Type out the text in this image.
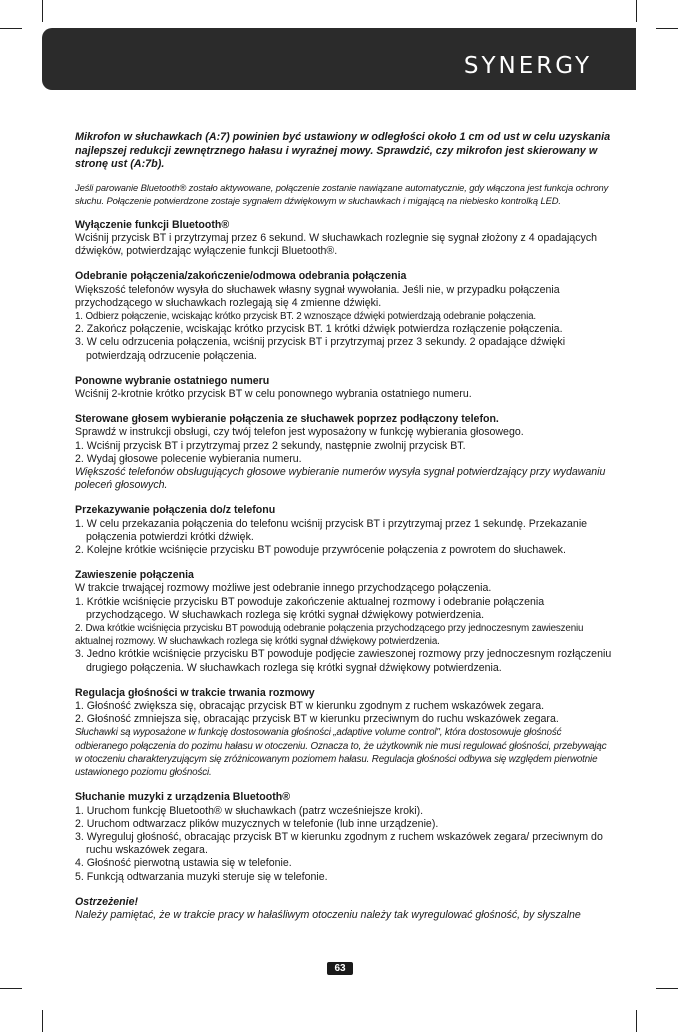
SYNERGY

Mikrofon w słuchawkach (A:7) powinien być ustawiony w odległości około 1 cm od ust w celu uzyskania najlepszej redukcji zewnętrznego hałasu i wyraźnej mowy. Sprawdzić, czy mikrofon jest skierowany w stronę ust (A:7b).

Jeśli parowanie Bluetooth® zostało aktywowane, połączenie zostanie nawiązane automatycznie, gdy włączona jest funkcja ochrony słuchu. Połączenie potwierdzone zostaje sygnałem dźwiękowym w słuchawkach i migającą na niebiesko kontrolką LED.

Wyłączenie funkcji Bluetooth®

Wciśnij przycisk BT i przytrzymaj przez 6 sekund. W słuchawkach rozlegnie się sygnał złożony z 4 opadających dźwięków, potwierdzając wyłączenie funkcji Bluetooth®.

Odebranie połączenia/zakończenie/odmowa odebrania połączenia

Większość telefonów wysyła do słuchawek własny sygnał wywołania. Jeśli nie, w przypadku połączenia przychodzącego w słuchawkach rozlegają się 4 zmienne dźwięki.

1. Odbierz połączenie, wciskając krótko przycisk BT. 2 wznoszące dźwięki potwierdzają odebranie połączenia.

2. Zakończ połączenie, wciskając krótko przycisk BT. 1 krótki dźwięk potwierdza rozłączenie połączenia.

3. W celu odrzucenia połączenia, wciśnij przycisk BT i przytrzymaj przez 3 sekundy. 2 opadające dźwięki potwierdzają odrzucenie połączenia.

Ponowne wybranie ostatniego numeru

Wciśnij 2-krotnie krótko przycisk BT w celu ponownego wybrania ostatniego numeru.

Sterowane głosem wybieranie połączenia ze słuchawek poprzez podłączony telefon.

Sprawdź w instrukcji obsługi, czy twój telefon jest wyposażony w funkcję wybierania głosowego.

1. Wciśnij przycisk BT i przytrzymaj przez 2 sekundy, następnie zwolnij przycisk BT.

2. Wydaj głosowe polecenie wybierania numeru.

Większość telefonów obsługujących głosowe wybieranie numerów wysyła sygnał potwierdzający przy wydawaniu poleceń głosowych.

Przekazywanie połączenia do/z telefonu

1. W celu przekazania połączenia do telefonu wciśnij przycisk BT i przytrzymaj przez 1 sekundę. Przekazanie połączenia potwierdzi krótki dźwięk.

2. Kolejne krótkie wciśnięcie przycisku BT powoduje przywrócenie połączenia z powrotem do słuchawek.

Zawieszenie połączenia

W trakcie trwającej rozmowy możliwe jest odebranie innego przychodzącego połączenia.

1. Krótkie wciśnięcie przycisku BT powoduje zakończenie aktualnej rozmowy i odebranie połączenia przychodzącego. W słuchawkach rozlega się krótki sygnał dźwiękowy potwierdzenia.

2. Dwa krótkie wciśnięcia przycisku BT powodują odebranie połączenia przychodzącego przy jednoczesnym zawieszeniu aktualnej rozmowy. W słuchawkach rozlega się krótki sygnał dźwiękowy potwierdzenia.

3. Jedno krótkie wciśnięcie przycisku BT powoduje podjęcie zawieszonej rozmowy przy jednoczesnym rozłączeniu drugiego połączenia. W słuchawkach rozlega się krótki sygnał dźwiękowy potwierdzenia.

Regulacja głośności w trakcie trwania rozmowy

1. Głośność zwiększa się, obracając przycisk BT w kierunku zgodnym z ruchem wskazówek zegara.

2. Głośność zmniejsza się, obracając przycisk BT w kierunku przeciwnym do ruchu wskazówek zegara.

Słuchawki są wyposażone w funkcję dostosowania głośności „adaptive volume control", która dostosowuje głośność odbieranego połączenia do pozimu hałasu w otoczeniu. Oznacza to, że użytkownik nie musi regulować głośności, przebywając w otoczeniu charakteryzującym się zróżnicowanym poziomem hałasu. Regulacja głośności odbywa się względem pierwotnie ustawionego poziomu głośności.

Słuchanie muzyki z urządzenia Bluetooth®

1. Uruchom funkcję Bluetooth® w słuchawkach (patrz wcześniejsze kroki).

2. Uruchom odtwarzacz plików muzycznych w telefonie (lub inne urządzenie).

3. Wyreguluj głośność, obracając przycisk BT w kierunku zgodnym z ruchem wskazówek zegara/ przeciwnym do ruchu wskazówek zegara.

4. Głośność pierwotną ustawia się w telefonie.

5. Funkcją odtwarzania muzyki steruje się w telefonie.

Ostrzeżenie!

Należy pamiętać, że w trakcie pracy w hałaśliwym otoczeniu należy tak wyregulować głośność, by słyszalne

63
